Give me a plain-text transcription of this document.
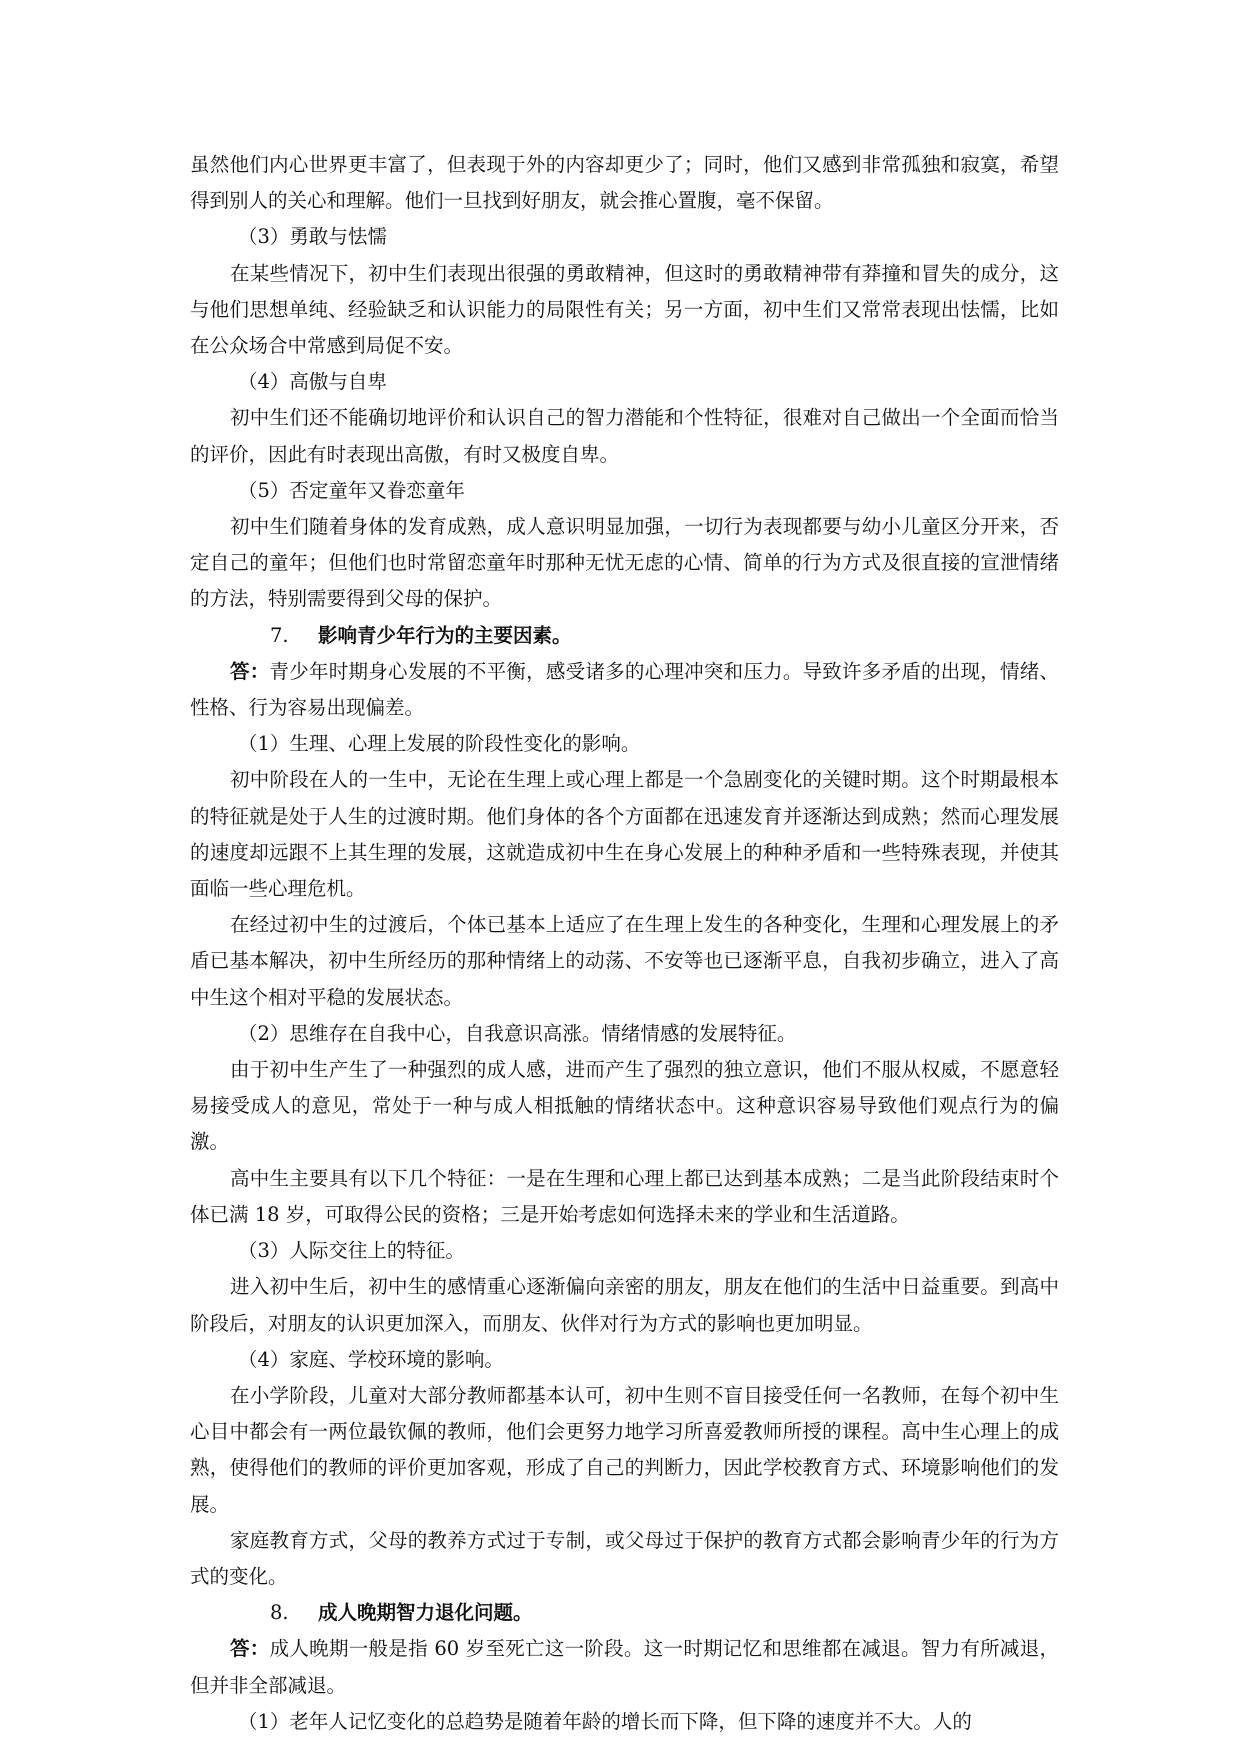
虽然他们内心世界更丰富了，但表现于外的内容却更少了；同时，他们又感到非常孤独和寂寞，希望得到别人的关心和理解。他们一旦找到好朋友，就会推心置腹，毫不保留。

（3）勇敢与怯懦

在某些情况下，初中生们表现出很强的勇敢精神，但这时的勇敢精神带有莽撞和冒失的成分，这与他们思想单纯、经验缺乏和认识能力的局限性有关；另一方面，初中生们又常常表现出怯懦，比如在公众场合中常感到局促不安。

（4）高傲与自卑

初中生们还不能确切地评价和认识自己的智力潜能和个性特征，很难对自己做出一个全面而恰当的评价，因此有时表现出高傲，有时又极度自卑。

（5）否定童年又眷恋童年

初中生们随着身体的发育成熟，成人意识明显加强，一切行为表现都要与幼小儿童区分开来，否定自己的童年；但他们也时常留恋童年时那种无忧无虑的心情、简单的行为方式及很直接的宣泄情绪的方法，特别需要得到父母的保护。

7. 影响青少年行为的主要因素。

答：青少年时期身心发展的不平衡，感受诸多的心理冲突和压力。导致许多矛盾的出现，情绪、性格、行为容易出现偏差。

（1）生理、心理上发展的阶段性变化的影响。

初中阶段在人的一生中，无论在生理上或心理上都是一个急剧变化的关键时期。这个时期最根本的特征就是处于人生的过渡时期。他们身体的各个方面都在迅速发育并逐渐达到成熟；然而心理发展的速度却远跟不上其生理的发展，这就造成初中生在身心发展上的种种矛盾和一些特殊表现，并使其面临一些心理危机。

在经过初中生的过渡后，个体已基本上适应了在生理上发生的各种变化，生理和心理发展上的矛盾已基本解决，初中生所经历的那种情绪上的动荡、不安等也已逐渐平息，自我初步确立，进入了高中生这个相对平稳的发展状态。

（2）思维存在自我中心，自我意识高涨。情绪情感的发展特征。

由于初中生产生了一种强烈的成人感，进而产生了强烈的独立意识，他们不服从权威，不愿意轻易接受成人的意见，常处于一种与成人相抵触的情绪状态中。这种意识容易导致他们观点行为的偏激。

高中生主要具有以下几个特征：一是在生理和心理上都已达到基本成熟；二是当此阶段结束时个体已满 18 岁，可取得公民的资格；三是开始考虑如何选择未来的学业和生活道路。

（3）人际交往上的特征。

进入初中生后，初中生的感情重心逐渐偏向亲密的朋友，朋友在他们的生活中日益重要。到高中阶段后，对朋友的认识更加深入，而朋友、伙伴对行为方式的影响也更加明显。

（4）家庭、学校环境的影响。

在小学阶段，儿童对大部分教师都基本认可，初中生则不盲目接受任何一名教师，在每个初中生心目中都会有一两位最钦佩的教师，他们会更努力地学习所喜爱教师所授的课程。高中生心理上的成熟，使得他们的教师的评价更加客观，形成了自己的判断力，因此学校教育方式、环境影响他们的发展。

家庭教育方式，父母的教养方式过于专制，或父母过于保护的教育方式都会影响青少年的行为方式的变化。

8. 成人晚期智力退化问题。

答：成人晚期一般是指 60 岁至死亡这一阶段。这一时期记忆和思维都在减退。智力有所减退，但并非全部减退。

（1）老年人记忆变化的总趋势是随着年龄的增长而下降，但下降的速度并不大。人的
